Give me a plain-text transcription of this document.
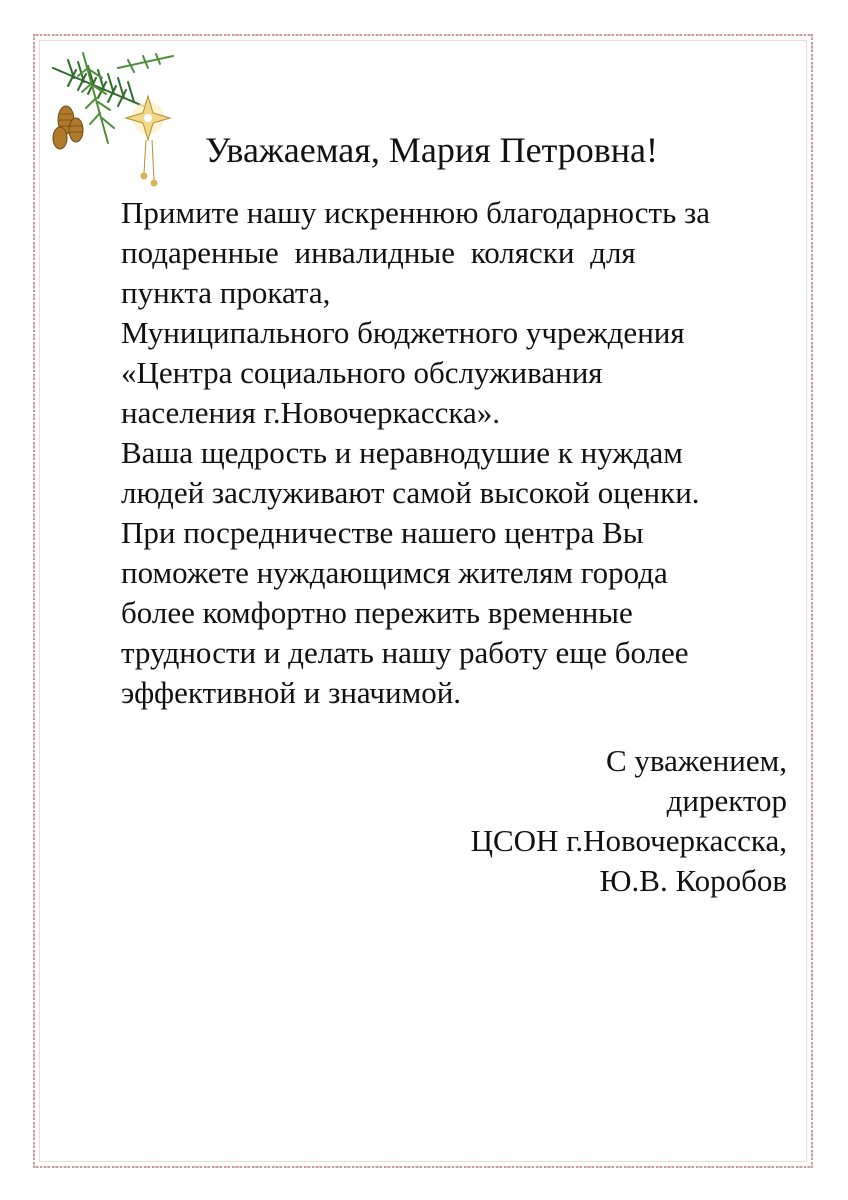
Уважаемая, Мария Петровна!
Примите нашу искреннюю благодарность за
подаренные инвалидные коляски для
пункта проката,
Муниципального бюджетного учреждения
«Центра социального обслуживания
населения г.Новочеркасска».
Ваша щедрость и неравнодушие к нуждам
людей заслуживают самой высокой оценки.
При посредничестве нашего центра Вы
поможете нуждающимся жителям города
более комфортно пережить временные
трудности и делать нашу работу еще более
эффективной и значимой.
С уважением,
директор
ЦСОН г.Новочеркасска,
Ю.В. Коробов
